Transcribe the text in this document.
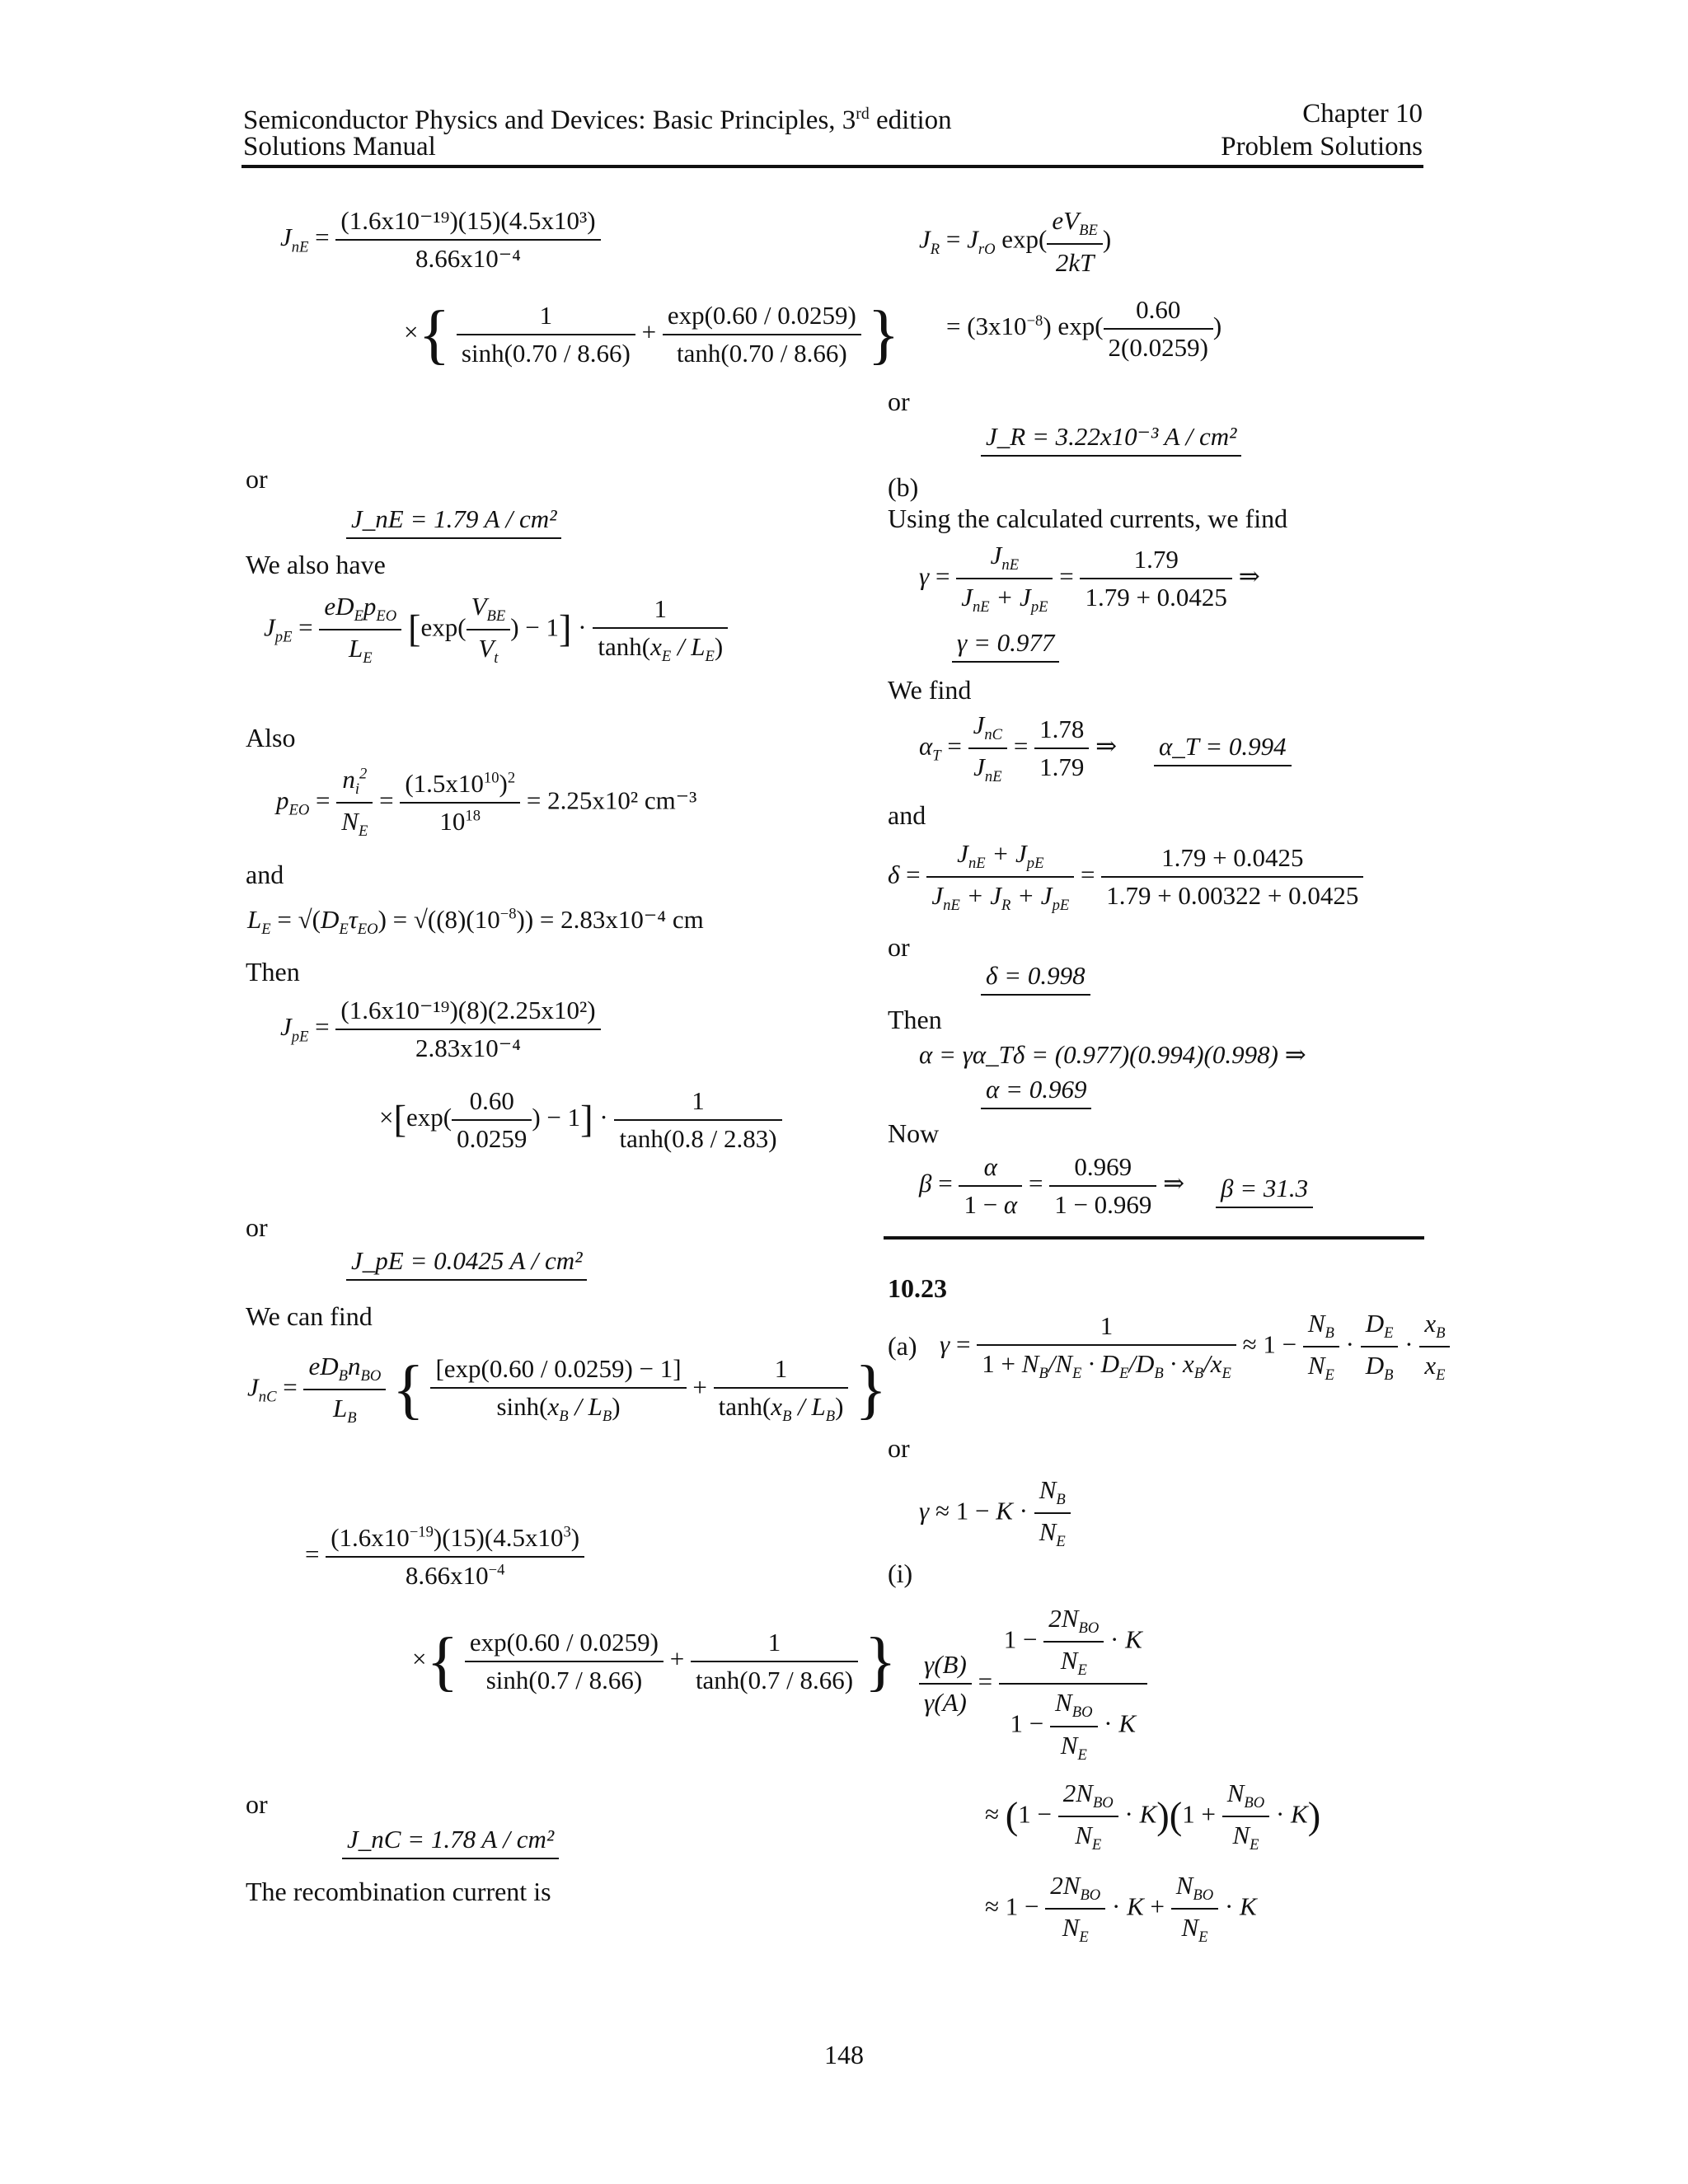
Semiconductor Physics and Devices: Basic Principles, 3rd edition
Solutions Manual
Chapter 10
Problem Solutions
$J_{nE} = \frac{\text{(1.6x10⁻¹⁹)(15)(4.5x10³)}}{\text{8.66x10⁻⁴}}$
×{ $\frac{1}{\sinh(0.70 / 8.66)} + \frac{\exp(0.60 / 0.0259)}{\tanh(0.70 / 8.66)}$ }
or
J_nE = 1.79 A / cm²
We also have
$J_{pE} = \frac{eD_Ep_{EO}}{L_E} [\exp( \frac{V_{BE}}{V_t}$ ) − $1] \cdot \frac{1}{\tanh(x_E / L_E)}$
Also
$p_{EO} = \frac{n_i^2}{N_E} = \frac{(1.5x10^{10})^2}{10^{18}} = 2.25x10^2$ cm⁻³
and
$L_E = √(D_E\tau_{EO}) = √((8)(10^{-8})) = 2.83x10^{-4}$ cm
Then
$J_{pE} = \frac{\text{(1.6x10⁻¹⁹)(8)(2.25x10²)}}{\text{2.83x10⁻⁴}}$
$\times[\exp( \frac{0.60}{0.0259}$ ) − $1] \cdot \frac{1}{\tanh(0.8 / 2.83)}$
or
J_pE = 0.0425 A / cm²
We can find
$J_{nC} = \frac{eD_Bn_{BO}}{L_B}$ { $\frac{[\exp(0.60 / 0.0259) - 1]}{\sinh(x_B / L_B)} + \frac{1}{\tanh(x_B / L_B)}$ }
= $\frac{(1.6x10^{-19})(15)(4.5x10^3)}{8.66x10^{-4}}$
×{ $\frac{\exp(0.60 / 0.0259)}{\sinh(0.7 / 8.66)} + \frac{1}{\tanh(0.7 / 8.66)}$ }
or
J_nC = 1.78 A / cm²
The recombination current is
$J_R = J_{rO}$ $\exp( \frac{eV_{BE}}{2kT}$ )
= $(3x10^{-8})$ $\exp( \frac{0.60}{2(0.0259)}$ )
or
J_R = 3.22x10⁻³ A / cm²
(b)
Using the calculated currents, we find
$\gamma = \frac{J_{nE}}{J_{nE} + J_{pE}} = \frac{1.79}{1.79 + 0.0425}$ ⇒
γ = 0.977
We find
$\alpha_T = \frac{J_{nC}}{J_{nE}} = \frac{1.78}{1.79}$ ⇒ α_T = 0.994
and
$\delta = \frac{J_{nE} + J_{pE}}{J_{nE} + J_R + J_{pE}} = \frac{1.79 + 0.0425}{1.79 + 0.00322 + 0.0425}$
or
δ = 0.998
Then
α = γα_Tδ = (0.977)(0.994)(0.998) ⇒
α = 0.969
Now
$\beta = \frac{\alpha}{1 - \alpha} = \frac{0.969}{1 - 0.969}$ ⇒ β = 31.3
10.23
(a) $\gamma = \frac{1}{1 + N_B/N_E \cdot D_E/D_B \cdot x_B/x_E} \approx 1 - \frac{N_B}{N_E} \cdot \frac{D_E}{D_B} \cdot \frac{x_B}{x_E}$
or
$\gamma \approx 1 - K \cdot \frac{N_B}{N_E}$
(i)
$\frac{\gamma(B)}{\gamma(A)} = \frac{1 - \frac{2N_{BO}}{N_E} \cdot K}{1 - \frac{N_{BO}}{N_E} \cdot K}$
≈ $(1 - \frac{2N_{BO}}{N_E} \cdot K)(1 + \frac{N_{BO}}{N_E} \cdot K)$
≈ $1 - \frac{2N_{BO}}{N_E} \cdot K + \frac{N_{BO}}{N_E} \cdot K$
148
